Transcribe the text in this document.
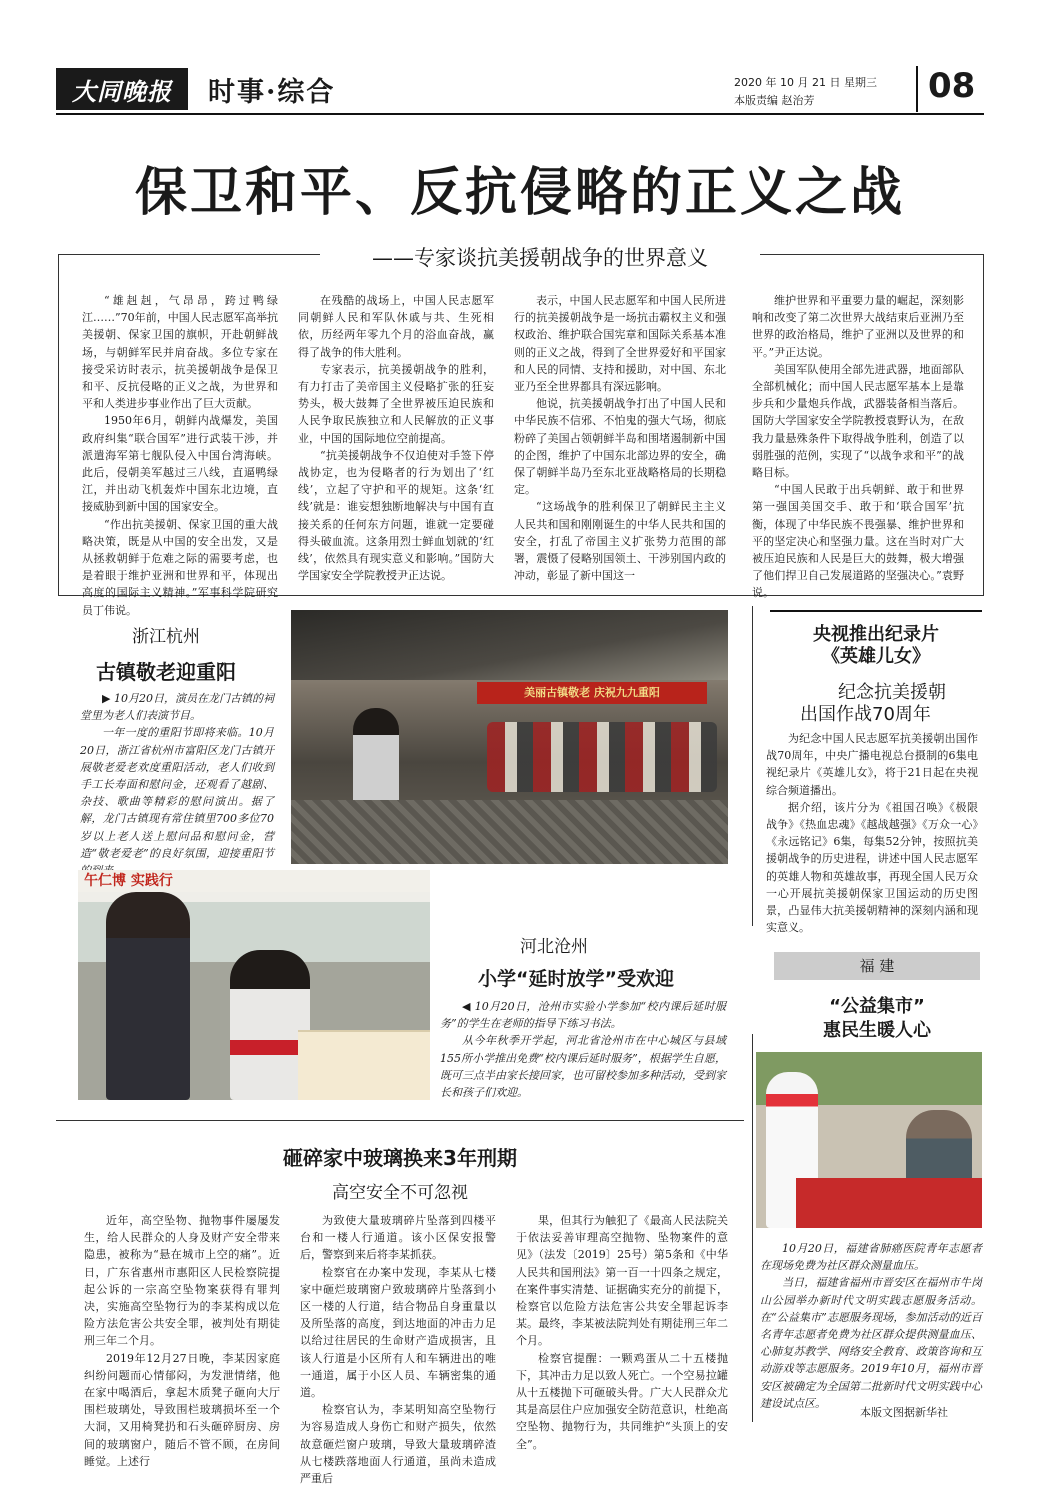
大同晚报 时事·综合	2020 年 10 月 21 日 星期三
本版责编 赵治芳	08
保卫和平、反抗侵略的正义之战
——专家谈抗美援朝战争的世界意义

“雄赳赳，气昂昂，跨过鸭绿江……”70年前，中国人民志愿军高举抗美援朝、保家卫国的旗帜，开赴朝鲜战场，与朝鲜军民并肩奋战。多位专家在接受采访时表示，抗美援朝战争是保卫和平、反抗侵略的正义之战，为世界和平和人类进步事业作出了巨大贡献。

1950年6月，朝鲜内战爆发，美国政府纠集“联合国军”进行武装干涉，并派遣海军第七舰队侵入中国台湾海峡。此后，侵朝美军越过三八线，直逼鸭绿江，并出动飞机轰炸中国东北边境，直接威胁到新中国的国家安全。

“作出抗美援朝、保家卫国的重大战略决策，既是从中国的安全出发，又是从拯救朝鲜于危难之际的需要考虑，也是着眼于维护亚洲和世界和平，体现出高度的国际主义精神。”军事科学院研究员丁伟说。

在残酷的战场上，中国人民志愿军同朝鲜人民和军队休戚与共、生死相依，历经两年零九个月的浴血奋战，赢得了战争的伟大胜利。

专家表示，抗美援朝战争的胜利，有力打击了美帝国主义侵略扩张的狂妄势头，极大鼓舞了全世界被压迫民族和人民争取民族独立和人民解放的正义事业，中国的国际地位空前提高。

“抗美援朝战争不仅迫使对手签下停战协定，也为侵略者的行为划出了‘红线’，立起了守护和平的规矩。这条‘红线’就是：谁妄想独断地解决与中国有直接关系的任何东方问题，谁就一定要碰得头破血流。这条用烈士鲜血划就的‘红线’，依然具有现实意义和影响。”国防大学国家安全学院教授尹正达说。

表示，中国人民志愿军和中国人民所进行的抗美援朝战争是一场抗击霸权主义和强权政治、维护联合国宪章和国际关系基本准则的正义之战，得到了全世界爱好和平国家和人民的同情、支持和援助，对中国、东北亚乃至全世界都具有深远影响。

他说，抗美援朝战争打出了中国人民和中华民族不信邪、不怕鬼的强大气场，彻底粉碎了美国占领朝鲜半岛和围堵遏制新中国的企图，维护了中国东北部边界的安全，确保了朝鲜半岛乃至东北亚战略格局的长期稳定。

“这场战争的胜利保卫了朝鲜民主主义人民共和国和刚刚诞生的中华人民共和国的安全，打乱了帝国主义扩张势力范围的部署，震慑了侵略别国领土、干涉别国内政的冲动，彰显了新中国这一

维护世界和平重要力量的崛起，深刻影响和改变了第二次世界大战结束后亚洲乃至世界的政治格局，维护了亚洲以及世界的和平。”尹正达说。

美国军队使用全部先进武器，地面部队全部机械化；而中国人民志愿军基本上是靠步兵和少量炮兵作战，武器装备相当落后。国防大学国家安全学院教授袁野认为，在敌我力量悬殊条件下取得战争胜利，创造了以弱胜强的范例，实现了“以战争求和平”的战略目标。

“中国人民敢于出兵朝鲜、敢于和世界第一强国美国交手、敢于和‘联合国军’抗衡，体现了中华民族不畏强暴、维护世界和平的坚定决心和坚强力量。这在当时对广大被压迫民族和人民是巨大的鼓舞，极大增强了他们捍卫自己发展道路的坚强决心。”袁野说。

浙江杭州
古镇敬老迎重阳

▶ 10月20日，演员在龙门古镇的祠堂里为老人们表演节目。

一年一度的重阳节即将来临。10月20日，浙江省杭州市富阳区龙门古镇开展敬老爱老欢度重阳活动，老人们收到手工长寿面和慰问金，还观看了越剧、杂技、歌曲等精彩的慰问演出。据了解，龙门古镇现有常住镇里700多位70岁以上老人送上慰问品和慰问金，营造“敬老爱老”的良好氛围，迎接重阳节

美丽古镇敬老 庆祝九九重阳
央视推出纪录片
《英雄儿女》
纪念抗美援朝
出国作战70周年

为纪念中国人民志愿军抗美援朝出国作战70周年，中央广播电视总台摄制的6集电视纪录片《英雄儿女》，将于21日起在央视综合频道播出。

据介绍，该片分为《祖国召唤》《极限战争》《热血忠魂》《越战越强》《万众一心》《永远铭记》6集，每集52分钟，按照抗美援朝战争的历史进程，讲述中国人民志愿军的英雄人物和英雄故事，再现全国人民万众一心开展抗美援朝保家卫国运动的历史图景，凸显伟大抗美援朝精神的深刻内涵和现实意义。

午仁博 实践行
河北沧州
小学“延时放学”受欢迎

◀ 10月20日，沧州市实验小学参加“校内课后延时服务”的学生在老师的指导下练习书法。

从今年秋季开学起，河北省沧州市在中心城区与县域155所小学推出免费“校内课后延时服务”，根据学生自愿，既可三点半由家长接回家，也可留校参加多种活动，受到家长和孩子们欢迎。

福 建
“公益集市”
惠民生暖人心

10月20日，福建省肺癌医院青年志愿者在现场免费为社区群众测量血压。

当日，福建省福州市晋安区在福州市牛岗山公园举办新时代文明实践志愿服务活动。在“公益集市”志愿服务现场，参加活动的近百名青年志愿者免费为社区群众提供测量血压、心肺复苏教学、网络安全教育、政策咨询和互动游戏等志愿服务。2019年10月，福州市晋安区被确定为全国第二批新时代文明实践中心建设试点区。

本版文图据新华社
砸碎家中玻璃换来3年刑期
高空安全不可忽视

近年，高空坠物、抛物事件屡屡发生，给人民群众的人身及财产安全带来隐患，被称为“悬在城市上空的痛”。近日，广东省惠州市惠阳区人民检察院提起公诉的一宗高空坠物案获得有罪判决，实施高空坠物行为的李某构成以危险方法危害公共安全罪，被判处有期徒刑三年二个月。

2019年12月27日晚，李某因家庭纠纷问题而心情郁闷，为发泄情绪，他在家中喝酒后，拿起木质凳子砸向大厅围栏玻璃处，导致围栏玻璃损坏至一个大洞，又用椅凳扔和石头砸碎厨房、房间的玻璃窗户，随后不管不顾，在房间睡觉。上述行

为致使大量玻璃碎片坠落到四楼平台和一楼人行通道。该小区保安报警后，警察到来后将李某抓获。

检察官在办案中发现，李某从七楼家中砸烂玻璃窗户致玻璃碎片坠落到小区一楼的人行道，结合物品自身重量以及所坠落的高度，到达地面的冲击力足以给过往居民的生命财产造成损害，且该人行道是小区所有人和车辆进出的唯一通道，属于小区人员、车辆密集的通道。

检察官认为，李某明知高空坠物行为容易造成人身伤亡和财产损失，依然故意砸烂窗户玻璃，导致大量玻璃碎渣从七楼跌落地面人行通道，虽尚未造成严重后

果，但其行为触犯了《最高人民法院关于依法妥善审理高空抛物、坠物案件的意见》（法发〔2019〕25号）第5条和《中华人民共和国刑法》第一百一十四条之规定，在案件事实清楚、证据确实充分的前提下，检察官以危险方法危害公共安全罪起诉李某。最终，李某被法院判处有期徒刑三年二个月。

检察官提醒：一颗鸡蛋从二十五楼抛下，其冲击力足以致人死亡。一个空易拉罐从十五楼抛下可砸破头骨。广大人民群众尤其是高层住户应加强安全防范意识，杜绝高空坠物、抛物行为，共同维护“头顶上的安全”。
